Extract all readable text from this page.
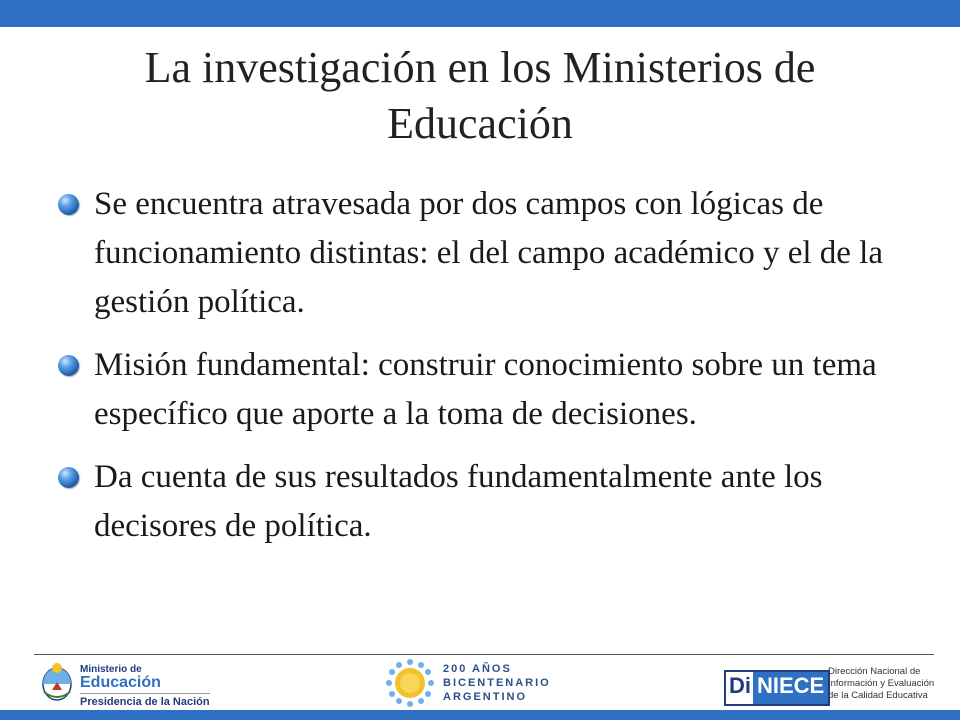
La investigación en los Ministerios de
Educación
Se encuentra atravesada por dos campos con lógicas de funcionamiento distintas: el del campo académico y el de la gestión política.
Misión fundamental: construir conocimiento sobre un tema específico que aporte a la toma de decisiones.
Da cuenta de sus resultados fundamentalmente ante los decisores de política.
Ministerio de
Educación
Presidencia de la Nación
200 AÑOS
BICENTENARIO
ARGENTINO	Di NIECE
Dirección Nacional de
Información y Evaluación
de la Calidad Educativa
